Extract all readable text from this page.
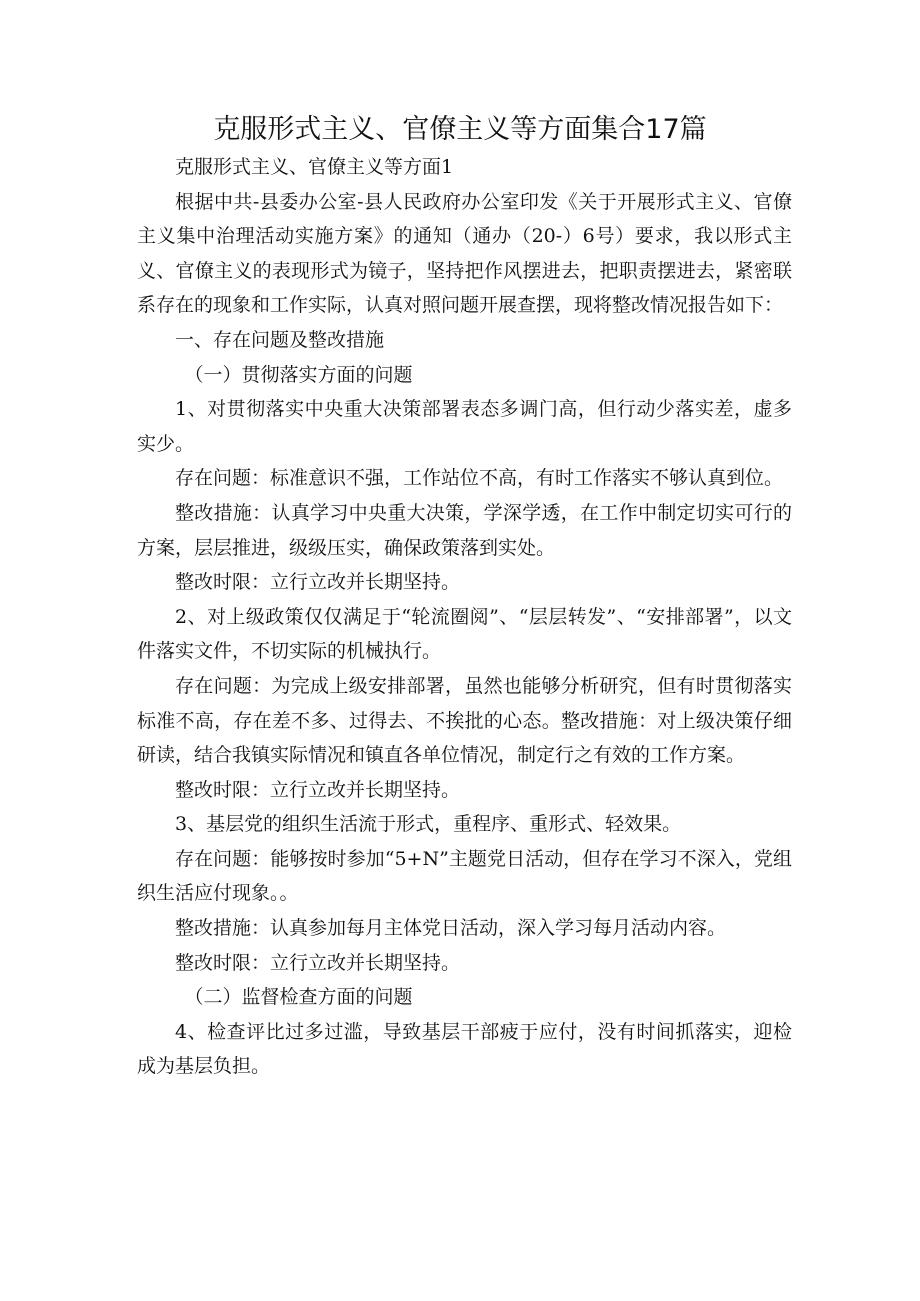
克服形式主义、官僚主义等方面集合17篇

克服形式主义、官僚主义等方面1

根据中共-县委办公室-县人民政府办公室印发《关于开展形式主义、官僚主义集中治理活动实施方案》的通知（通办（20-）6号）要求，我以形式主义、官僚主义的表现形式为镜子，坚持把作风摆进去，把职责摆进去，紧密联系存在的现象和工作实际，认真对照问题开展查摆，现将整改情况报告如下：

一、存在问题及整改措施

（一）贯彻落实方面的问题

1、对贯彻落实中央重大决策部署表态多调门高，但行动少落实差，虚多实少。

存在问题：标准意识不强，工作站位不高，有时工作落实不够认真到位。

整改措施：认真学习中央重大决策，学深学透，在工作中制定切实可行的方案，层层推进，级级压实，确保政策落到实处。

整改时限：立行立改并长期坚持。

2、对上级政策仅仅满足于“轮流圈阅”、“层层转发”、“安排部署”，以文件落实文件，不切实际的机械执行。

存在问题：为完成上级安排部署，虽然也能够分析研究，但有时贯彻落实标准不高，存在差不多、过得去、不挨批的心态。整改措施：对上级决策仔细研读，结合我镇实际情况和镇直各单位情况，制定行之有效的工作方案。

整改时限：立行立改并长期坚持。

3、基层党的组织生活流于形式，重程序、重形式、轻效果。

存在问题：能够按时参加“5+N”主题党日活动，但存在学习不深入，党组织生活应付现象。。

整改措施：认真参加每月主体党日活动，深入学习每月活动内容。

整改时限：立行立改并长期坚持。

（二）监督检查方面的问题

4、检查评比过多过滥，导致基层干部疲于应付，没有时间抓落实，迎检成为基层负担。
